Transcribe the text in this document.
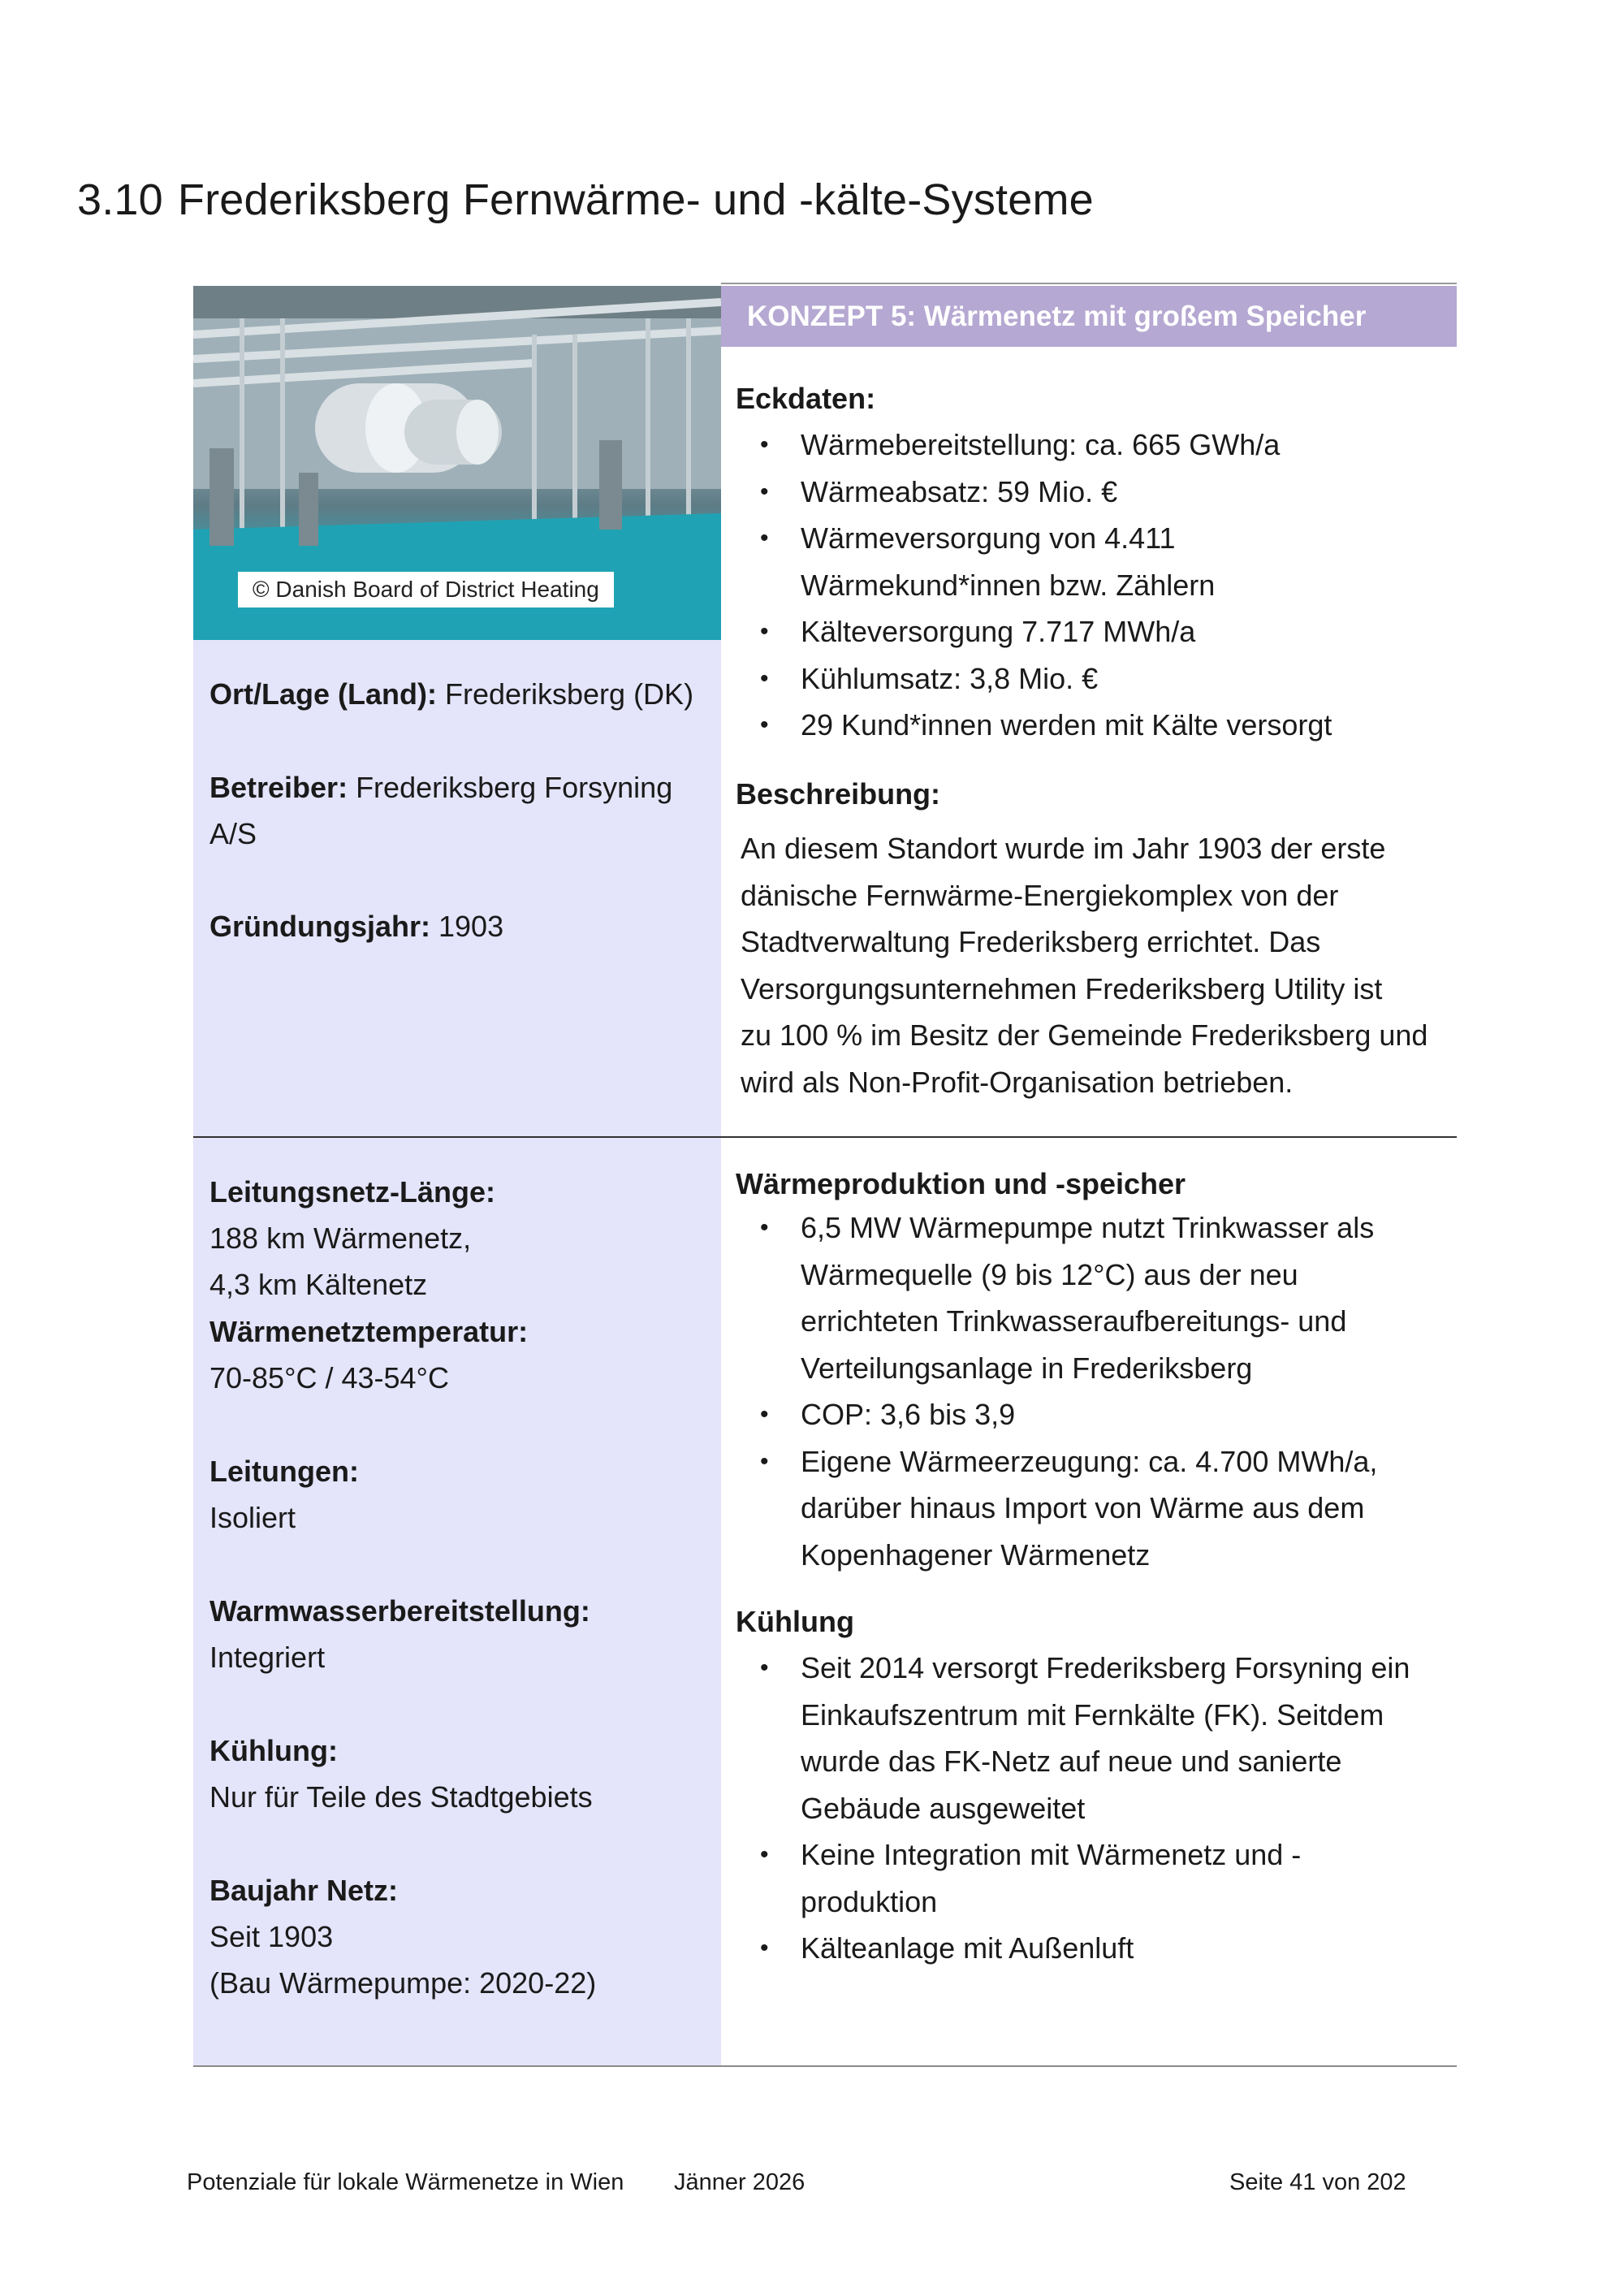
3.10 Frederiksberg Fernwärme- und -kälte-Systeme
© Danish Board of District Heating
Ort/Lage (Land): Frederiksberg (DK)
Betreiber: Frederiksberg Forsyning A/S
Gründungsjahr: 1903
Leitungsnetz-Länge:
188 km Wärmenetz,
4,3 km Kältenetz
Wärmenetztemperatur:
70-85°C / 43-54°C
Leitungen:
Isoliert
Warmwasserbereitstellung:
Integriert
Kühlung:
Nur für Teile des Stadtgebiets
Baujahr Netz:
Seit 1903
(Bau Wärmepumpe: 2020-22)
KONZEPT 5: Wärmenetz mit großem Speicher
Eckdaten:
• Wärmebereitstellung: ca. 665 GWh/a
• Wärmeabsatz: 59 Mio. €
• Wärmeversorgung von 4.411
Wärmekund*innen bzw. Zählern
• Kälteversorgung 7.717 MWh/a
• Kühlumsatz: 3,8 Mio. €
• 29 Kund*innen werden mit Kälte versorgt
Beschreibung:
An diesem Standort wurde im Jahr 1903 der erste
dänische Fernwärme-Energiekomplex von der
Stadtverwaltung Frederiksberg errichtet. Das
Versorgungsunternehmen Frederiksberg Utility ist
zu 100 % im Besitz der Gemeinde Frederiksberg und
wird als Non-Profit-Organisation betrieben.
Wärmeproduktion und -speicher
• 6,5 MW Wärmepumpe nutzt Trinkwasser als
Wärmequelle (9 bis 12°C) aus der neu
errichteten Trinkwasseraufbereitungs- und
Verteilungsanlage in Frederiksberg
• COP: 3,6 bis 3,9
• Eigene Wärmeerzeugung: ca. 4.700 MWh/a,
darüber hinaus Import von Wärme aus dem
Kopenhagener Wärmenetz
Kühlung
• Seit 2014 versorgt Frederiksberg Forsyning ein
Einkaufszentrum mit Fernkälte (FK). Seitdem
wurde das FK-Netz auf neue und sanierte
Gebäude ausgeweitet
• Keine Integration mit Wärmenetz und -
produktion
• Kälteanlage mit Außenluft
Potenziale für lokale Wärmenetze in Wien Jänner 2026	Seite 41 von 202
